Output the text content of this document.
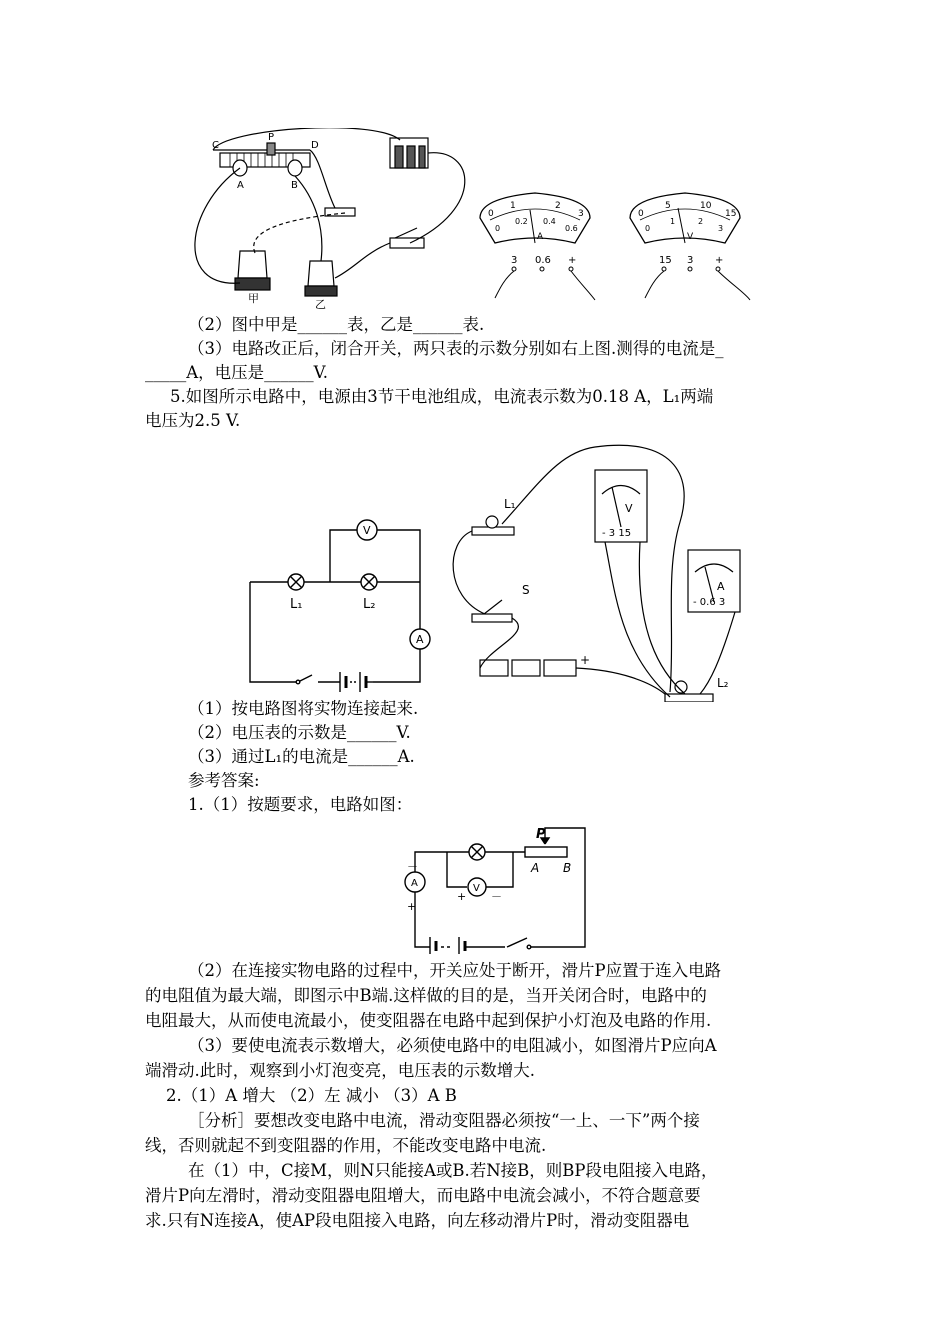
C
P
D
A	B
甲	乙
0
1	2
3
0
0.2 0.4
0.6
A
3 0.6 +
0
5	10
15
0
1	2
3
V
15 3 +
（2）图中甲是______表，乙是______表.
（3）电路改正后，闭合开关，两只表的示数分别如右上图.测得的电流是_
_____A，电压是______V.
5.如图所示电路中，电源由3节干电池组成，电流表示数为0.18 A，L₁两端
电压为2.5 V.
V
A
L₁	L₂
L₁
S
L₂
+
V
A
- 3 15
- 0.6 3
（1）按电路图将实物连接起来.
（2）电压表的示数是______V.
（3）通过L₁的电流是______A.
参考答案:
1.（1）按题要求，电路如图：
P
A B
A	V
－
+
+ －
（2）在连接实物电路的过程中，开关应处于断开，滑片P应置于连入电路
的电阻值为最大端，即图示中B端.这样做的目的是，当开关闭合时，电路中的
电阻最大，从而使电流最小，使变阻器在电路中起到保护小灯泡及电路的作用.
（3）要使电流表示数增大，必须使电路中的电阻减小，如图滑片P应向A
端滑动.此时，观察到小灯泡变亮，电压表的示数增大.
2.（1）A 增大 （2）左 减小 （3）A B
［分析］要想改变电路中电流，滑动变阻器必须按“一上、一下”两个接
线，否则就起不到变阻器的作用，不能改变电路中电流.
在（1）中，C接M，则N只能接A或B.若N接B，则BP段电阻接入电路，
滑片P向左滑时，滑动变阻器电阻增大，而电路中电流会减小，不符合题意要
求.只有N连接A，使AP段电阻接入电路，向左移动滑片P时，滑动变阻器电
